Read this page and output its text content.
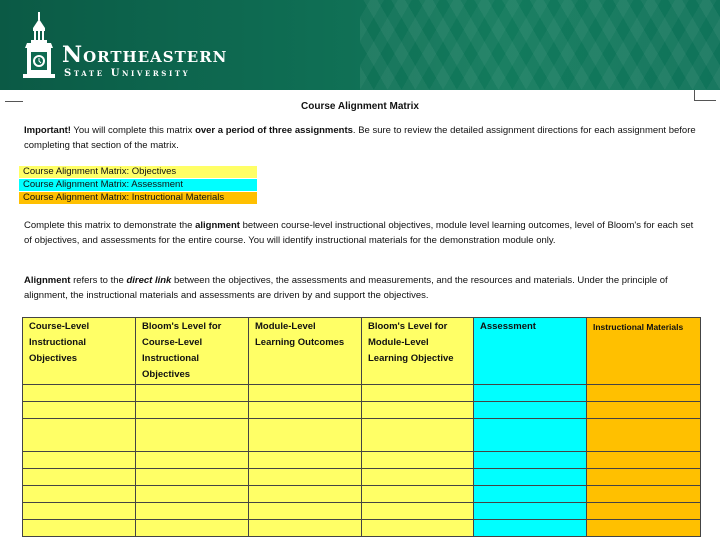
Northeastern
State University
Course Alignment Matrix
Important! You will complete this matrix over a period of three assignments. Be sure to review the detailed assignment directions for each assignment before completing that section of the matrix.
Course Alignment Matrix: Objectives
Course Alignment Matrix: Assessment
Course Alignment Matrix: Instructional Materials
Complete this matrix to demonstrate the alignment between course-level instructional objectives, module level learning outcomes, level of Bloom's for each set of objectives, and assessments for the entire course. You will identify instructional materials for the demonstration module only.
Alignment refers to the direct link between the objectives, the assessments and measurements, and the resources and materials. Under the principle of alignment, the instructional materials and assessments are driven by and support the objectives.
Course-Level Instructional Objectives	Bloom's Level for Course-Level Instructional Objectives	Module-Level Learning Outcomes	Bloom's Level for Module-Level Learning Objective	Assessment	Instructional Materials
